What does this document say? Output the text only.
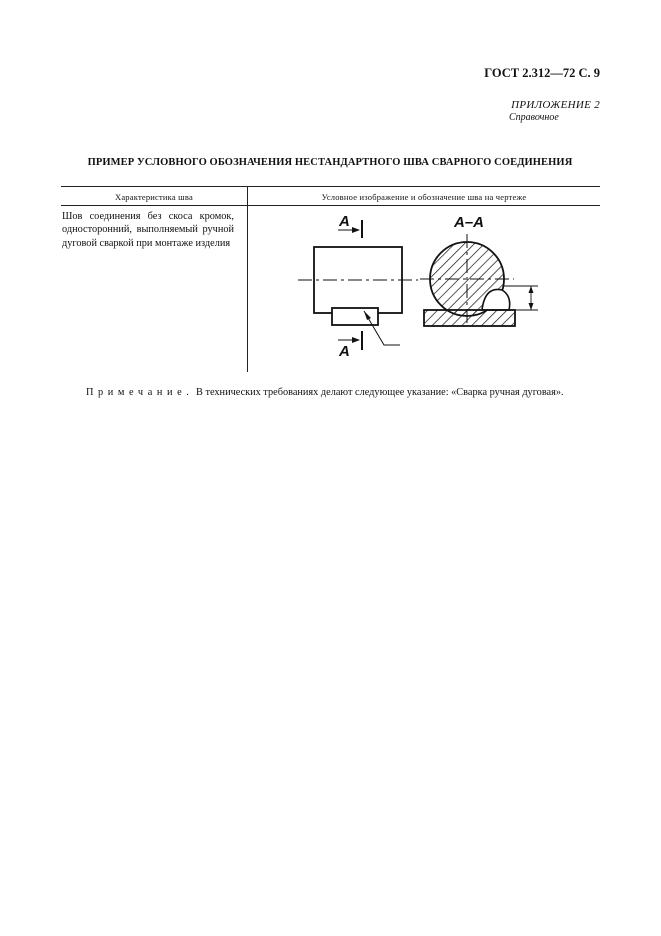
ГОСТ 2.312—72 С. 9
ПРИЛОЖЕНИЕ 2
Справочное
ПРИМЕР УСЛОВНОГО ОБОЗНАЧЕНИЯ НЕСТАНДАРТНОГО ШВА СВАРНОГО СОЕДИНЕНИЯ
Характеристика шва	Условное изображение и обозначение шва на чертеже
Шов соединения без скоса кромок, односторонний, выполняемый ручной дуговой сваркой при монтаже изделия
А
А
А–А
Примечание. В технических требованиях делают следующее указание: «Сварка ручная дуговая».
